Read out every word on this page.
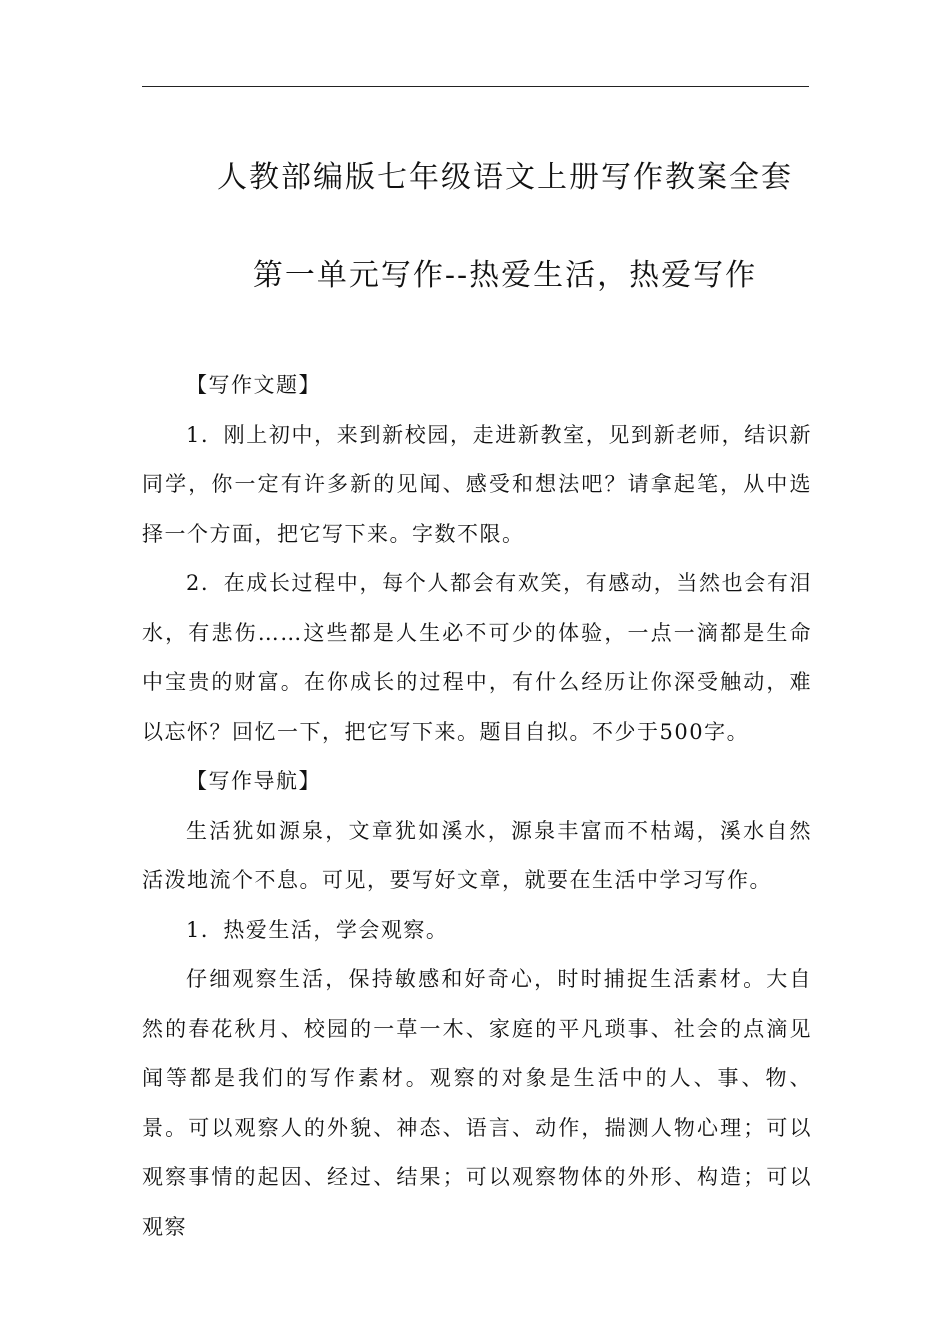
人教部编版七年级语文上册写作教案全套
第一单元写作--热爱生活，热爱写作

【写作文题】

1．刚上初中，来到新校园，走进新教室，见到新老师，结识新同学，你一定有许多新的见闻、感受和想法吧？请拿起笔，从中选择一个方面，把它写下来。字数不限。

2．在成长过程中，每个人都会有欢笑，有感动，当然也会有泪水，有悲伤……这些都是人生必不可少的体验，一点一滴都是生命中宝贵的财富。在你成长的过程中，有什么经历让你深受触动，难以忘怀？回忆一下，把它写下来。题目自拟。不少于500字。

【写作导航】

生活犹如源泉，文章犹如溪水，源泉丰富而不枯竭，溪水自然活泼地流个不息。可见，要写好文章，就要在生活中学习写作。

1．热爱生活，学会观察。

仔细观察生活，保持敏感和好奇心，时时捕捉生活素材。大自然的春花秋月、校园的一草一木、家庭的平凡琐事、社会的点滴见闻等都是我们的写作素材。观察的对象是生活中的人、事、物、景。可以观察人的外貌、神态、语言、动作，揣测人物心理；可以观察事情的起因、经过、结果；可以观察物体的外形、构造；可以观察
